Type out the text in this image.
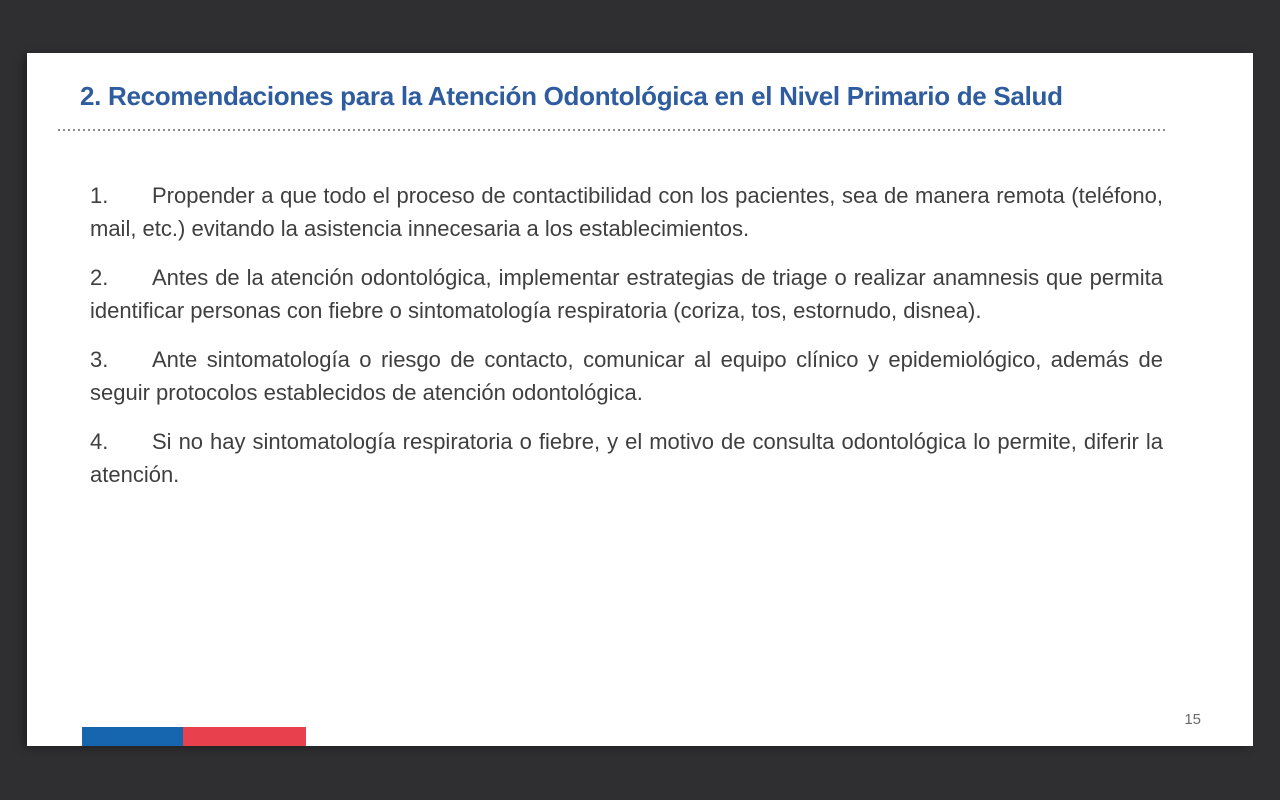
2. Recomendaciones para la Atención Odontológica en el Nivel Primario de Salud

1. Propender a que todo el proceso de contactibilidad con los pacientes, sea de manera remota (teléfono, mail, etc.) evitando la asistencia innecesaria a los establecimientos.

2. Antes de la atención odontológica, implementar estrategias de triage o realizar anamnesis que permita identificar personas con fiebre o sintomatología respiratoria (coriza, tos, estornudo, disnea).

3. Ante sintomatología o riesgo de contacto, comunicar al equipo clínico y epidemiológico, además de seguir protocolos establecidos de atención odontológica.

4. Si no hay sintomatología respiratoria o fiebre, y el motivo de consulta odontológica lo permite, diferir la atención.

15
